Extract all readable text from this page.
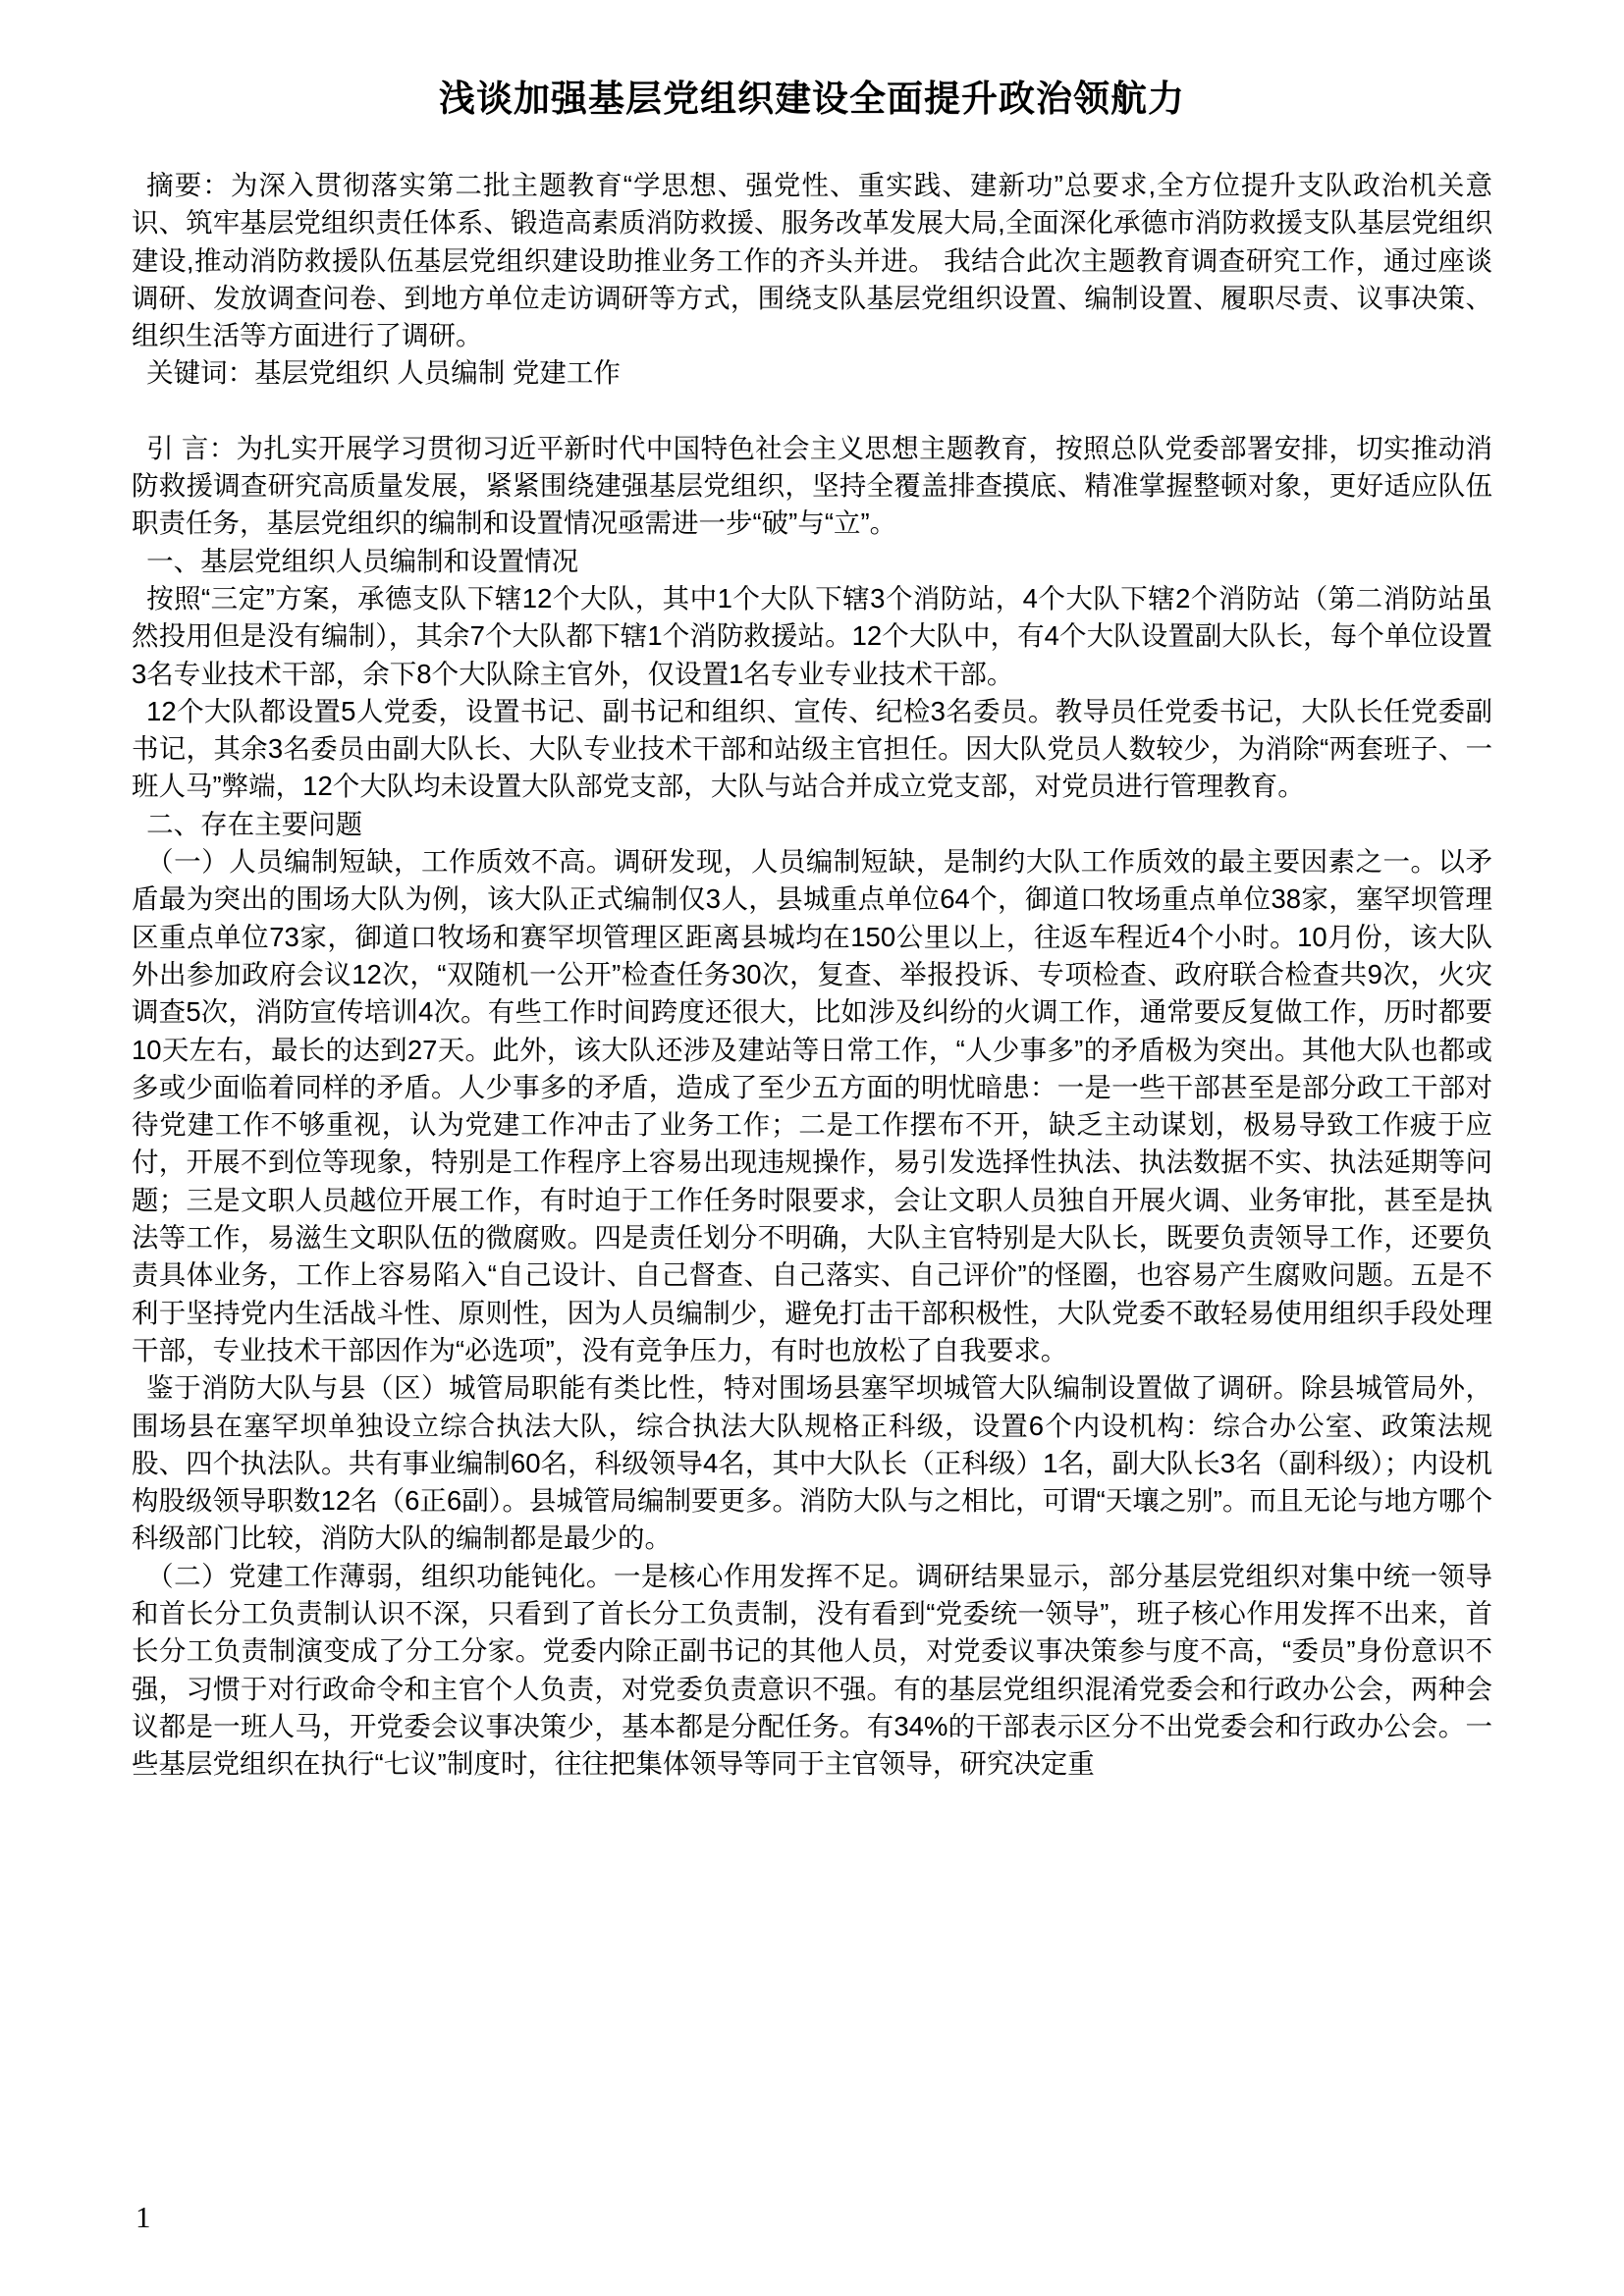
浅谈加强基层党组织建设全面提升政治领航力

摘要：为深入贯彻落实第二批主题教育“学思想、强党性、重实践、建新功”总要求,全方位提升支队政治机关意识、筑牢基层党组织责任体系、锻造高素质消防救援、服务改革发展大局,全面深化承德市消防救援支队基层党组织建设,推动消防救援队伍基层党组织建设助推业务工作的齐头并进。 我结合此次主题教育调查研究工作，通过座谈调研、发放调查问卷、到地方单位走访调研等方式，围绕支队基层党组织设置、编制设置、履职尽责、议事决策、组织生活等方面进行了调研。

关键词：基层党组织 人员编制 党建工作

引 言：为扎实开展学习贯彻习近平新时代中国特色社会主义思想主题教育，按照总队党委部署安排，切实推动消防救援调查研究高质量发展，紧紧围绕建强基层党组织，坚持全覆盖排查摸底、精准掌握整顿对象，更好适应队伍职责任务，基层党组织的编制和设置情况亟需进一步“破”与“立”。

一、基层党组织人员编制和设置情况

按照“三定”方案，承德支队下辖12个大队，其中1个大队下辖3个消防站，4个大队下辖2个消防站（第二消防站虽然投用但是没有编制），其余7个大队都下辖1个消防救援站。12个大队中，有4个大队设置副大队长，每个单位设置3名专业技术干部，余下8个大队除主官外，仅设置1名专业专业技术干部。

12个大队都设置5人党委，设置书记、副书记和组织、宣传、纪检3名委员。教导员任党委书记，大队长任党委副书记，其余3名委员由副大队长、大队专业技术干部和站级主官担任。因大队党员人数较少，为消除“两套班子、一班人马”弊端，12个大队均未设置大队部党支部，大队与站合并成立党支部，对党员进行管理教育。

二、存在主要问题

（一）人员编制短缺，工作质效不高。调研发现，人员编制短缺，是制约大队工作质效的最主要因素之一。以矛盾最为突出的围场大队为例，该大队正式编制仅3人，县城重点单位64个，御道口牧场重点单位38家，塞罕坝管理区重点单位73家，御道口牧场和赛罕坝管理区距离县城均在150公里以上，往返车程近4个小时。10月份，该大队外出参加政府会议12次，“双随机一公开”检查任务30次，复查、举报投诉、专项检查、政府联合检查共9次，火灾调查5次，消防宣传培训4次。有些工作时间跨度还很大，比如涉及纠纷的火调工作，通常要反复做工作，历时都要10天左右，最长的达到27天。此外，该大队还涉及建站等日常工作，“人少事多”的矛盾极为突出。其他大队也都或多或少面临着同样的矛盾。人少事多的矛盾，造成了至少五方面的明忧暗患：一是一些干部甚至是部分政工干部对待党建工作不够重视，认为党建工作冲击了业务工作；二是工作摆布不开，缺乏主动谋划，极易导致工作疲于应付，开展不到位等现象，特别是工作程序上容易出现违规操作，易引发选择性执法、执法数据不实、执法延期等问题；三是文职人员越位开展工作，有时迫于工作任务时限要求，会让文职人员独自开展火调、业务审批，甚至是执法等工作，易滋生文职队伍的微腐败。四是责任划分不明确，大队主官特别是大队长，既要负责领导工作，还要负责具体业务，工作上容易陷入“自己设计、自己督查、自己落实、自己评价”的怪圈，也容易产生腐败问题。五是不利于坚持党内生活战斗性、原则性，因为人员编制少，避免打击干部积极性，大队党委不敢轻易使用组织手段处理干部，专业技术干部因作为“必选项”，没有竞争压力，有时也放松了自我要求。

鉴于消防大队与县（区）城管局职能有类比性，特对围场县塞罕坝城管大队编制设置做了调研。除县城管局外，围场县在塞罕坝单独设立综合执法大队，综合执法大队规格正科级，设置6个内设机构：综合办公室、政策法规股、四个执法队。共有事业编制60名，科级领导4名，其中大队长（正科级）1名，副大队长3名（副科级）；内设机构股级领导职数12名（6正6副）。县城管局编制要更多。消防大队与之相比，可谓“天壤之别”。而且无论与地方哪个科级部门比较，消防大队的编制都是最少的。

（二）党建工作薄弱，组织功能钝化。一是核心作用发挥不足。调研结果显示，部分基层党组织对集中统一领导和首长分工负责制认识不深，只看到了首长分工负责制，没有看到“党委统一领导”，班子核心作用发挥不出来，首长分工负责制演变成了分工分家。党委内除正副书记的其他人员，对党委议事决策参与度不高，“委员”身份意识不强，习惯于对行政命令和主官个人负责，对党委负责意识不强。有的基层党组织混淆党委会和行政办公会，两种会议都是一班人马，开党委会议事决策少，基本都是分配任务。有34%的干部表示区分不出党委会和行政办公会。一些基层党组织在执行“七议”制度时，往往把集体领导等同于主官领导，研究决定重

1
